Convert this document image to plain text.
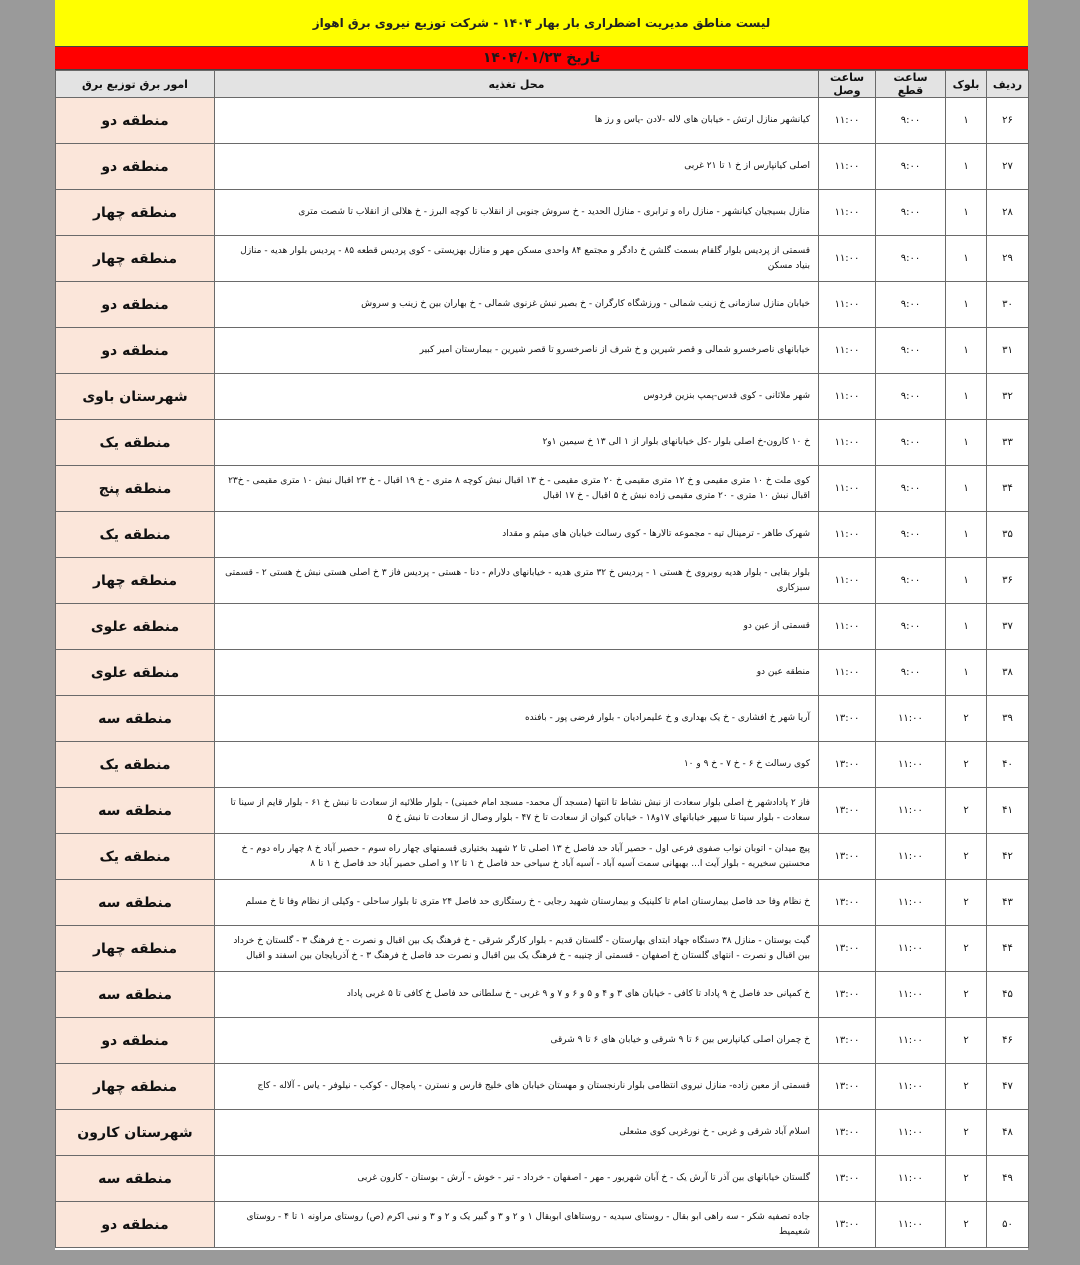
لیست مناطق مدیریت اضطراری بار بهار ۱۴۰۴ - شرکت توزیع نیروی برق اهواز
تاریخ ۱۴۰۴/۰۱/۲۳
ردیف	بلوک	ساعت قطع	ساعت وصل	محل تغذیه	امور برق توزیع برق
۲۶	۱	۹:۰۰	۱۱:۰۰	کیانشهر منازل ارتش - خیابان های لاله -لادن -یاس و رز ها	منطقه دو
۲۷	۱	۹:۰۰	۱۱:۰۰	اصلی کیانپارس از خ ۱ تا ۲۱ غربی	منطقه دو
۲۸	۱	۹:۰۰	۱۱:۰۰	منازل بسیجیان کیانشهر - منازل راه و ترابری - منازل الحدید - خ سروش جنوبی از انقلاب تا کوچه البرز - خ هلالی از انقلاب تا شصت متری	منطقه چهار
۲۹	۱	۹:۰۰	۱۱:۰۰	قسمتی از پردیس بلوار گلفام بسمت گلشن خ دادگر و مجتمع ۸۴ واحدی مسکن مهر و منازل بهزیستی - کوی پردیس قطعه ۸۵ - پردیس بلوار هدیه - منازل بنیاد مسکن	منطقه چهار
۳۰	۱	۹:۰۰	۱۱:۰۰	خیابان منازل سازمانی خ زینب شمالی - ورزشگاه کارگران - خ بصیر نبش غزنوی شمالی - خ بهاران بین خ زینب و سروش	منطقه دو
۳۱	۱	۹:۰۰	۱۱:۰۰	خیابانهای ناصرخسرو شمالی و قصر شیرین و خ شرف از ناصرخسرو تا قصر شیرین - بیمارستان امیر کبیر	منطقه دو
۳۲	۱	۹:۰۰	۱۱:۰۰	شهر ملاثانی - کوی قدس-پمپ بنزین فردوس	شهرستان باوی
۳۳	۱	۹:۰۰	۱۱:۰۰	خ ۱۰ کارون-خ اصلی بلوار -کل خیابانهای بلوار از ۱ الی ۱۳ خ سیمین ۱و۲	منطقه یک
۳۴	۱	۹:۰۰	۱۱:۰۰	کوی ملت خ ۱۰ متری مقیمی و خ ۱۲ متری مقیمی خ ۲۰ متری مقیمی - خ ۱۳ اقبال نبش کوچه ۸ متری - خ ۱۹ اقبال - خ ۲۳ اقبال نبش ۱۰ متری مقیمی - خ۲۳ اقبال نبش ۱۰ متری - ۲۰ متری مقیمی زاده نبش خ ۵ اقبال - خ ۱۷ اقبال	منطقه پنج
۳۵	۱	۹:۰۰	۱۱:۰۰	شهرک طاهر - ترمینال تیه - مجموعه تالارها - کوی رسالت خیابان های میثم و مقداد	منطقه یک
۳۶	۱	۹:۰۰	۱۱:۰۰	بلوار بقایی - بلوار هدیه روبروی خ هستی ۱ - پردیس خ ۳۲ متری هدیه - خیابانهای دلارام - دنا - هستی - پردیس فاز ۳ خ اصلی هستی نبش خ هستی ۲ - قسمتی سبزکاری	منطقه چهار
۳۷	۱	۹:۰۰	۱۱:۰۰	قسمتی از عین دو	منطقه علوی
۳۸	۱	۹:۰۰	۱۱:۰۰	منطقه عین دو	منطقه علوی
۳۹	۲	۱۱:۰۰	۱۳:۰۰	آریا شهر خ افشاری - خ یک بهداری و خ علیمرادیان - بلوار فرضی پور - بافنده	منطقه سه
۴۰	۲	۱۱:۰۰	۱۳:۰۰	کوی رسالت خ ۶ - خ ۷ - خ ۹ و ۱۰	منطقه یک
۴۱	۲	۱۱:۰۰	۱۳:۰۰	فاز ۲ پادادشهر خ اصلی بلوار سعادت از نبش نشاط تا انتها (مسجد آل محمد- مسجد امام خمینی) - بلوار طلائیه از سعادت تا نبش خ ۶۱ - بلوار قایم از سینا تا سعادت - بلوار سینا تا سپهر خیابانهای ۱۷و۱۸ - خیابان کیوان از سعادت تا خ ۴۷ - بلوار وصال از سعادت تا نبش خ ۵	منطقه سه
۴۲	۲	۱۱:۰۰	۱۳:۰۰	پیچ میدان - اتوبان نواب صفوی فرعی اول - حصیر آباد حد فاصل خ ۱۳ اصلی تا ۲ شهید بختیاری قسمتهای چهار راه سوم - حصیر آباد خ ۸ چهار راه دوم - خ محسنین سخیریه - بلوار آیت ا... بهبهانی سمت آسیه آباد - آسیه آباد خ سیاحی حد فاصل خ ۱ تا ۱۲ و اصلی حصیر آباد حد فاصل خ ۱ تا ۸	منطقه یک
۴۳	۲	۱۱:۰۰	۱۳:۰۰	خ نظام وفا حد فاصل بیمارستان امام تا کلینیک و بیمارستان شهید رجایی - خ رستگاری حد فاصل ۲۴ متری تا بلوار ساحلی - وکیلی از نظام وفا تا خ مسلم	منطقه سه
۴۴	۲	۱۱:۰۰	۱۳:۰۰	گیت بوستان - منازل ۳۸ دستگاه جهاد ابتدای بهارستان - گلستان قدیم - بلوار کارگر شرقی - خ فرهنگ یک بین اقبال و نصرت - خ فرهنگ ۳ - گلستان خ خرداد بین اقبال و نصرت - انتهای گلستان خ اصفهان - قسمتی از چنیبه - خ فرهنگ یک بین اقبال و نصرت حد فاصل خ فرهنگ ۳ - خ آذربایجان بین اسفند و اقبال	منطقه چهار
۴۵	۲	۱۱:۰۰	۱۳:۰۰	خ کمپانی حد فاصل خ ۹ پاداد تا کافی - خیابان های ۳ و ۴ و ۵ و ۶ و ۷ و ۹ غربی - خ سلطانی حد فاصل خ کافی تا ۵ غربی پاداد	منطقه سه
۴۶	۲	۱۱:۰۰	۱۳:۰۰	خ چمران اصلی کیانپارس بین ۶ تا ۹ شرقی و خیابان های ۶ تا ۹ شرقی	منطقه دو
۴۷	۲	۱۱:۰۰	۱۳:۰۰	قسمتی از معین زاده- منازل نیروی انتظامی بلوار نارنجستان و مهستان خیابان های خلیج فارس و نسترن - پامچال - کوکب - نیلوفر - یاس - آلاله - کاج	منطقه چهار
۴۸	۲	۱۱:۰۰	۱۳:۰۰	اسلام آباد شرقی و غربی - خ نورغربی کوی مشعلی	شهرستان کارون
۴۹	۲	۱۱:۰۰	۱۳:۰۰	گلستان خیابانهای بین آذر تا آرش یک - خ آبان شهریور - مهر - اصفهان - خرداد - تیر - خوش - آرش - بوستان - کارون غربی	منطقه سه
۵۰	۲	۱۱:۰۰	۱۳:۰۰	جاده تصفیه شکر - سه راهی ابو بقال - روستای سیدیه - روستاهای ابوبقال ۱ و ۲ و ۳ و گبیر یک و ۲ و ۳ و نبی اکرم (ص) روستای مراونه ۱ تا ۴ - روستای شعیمیط	منطقه دو
